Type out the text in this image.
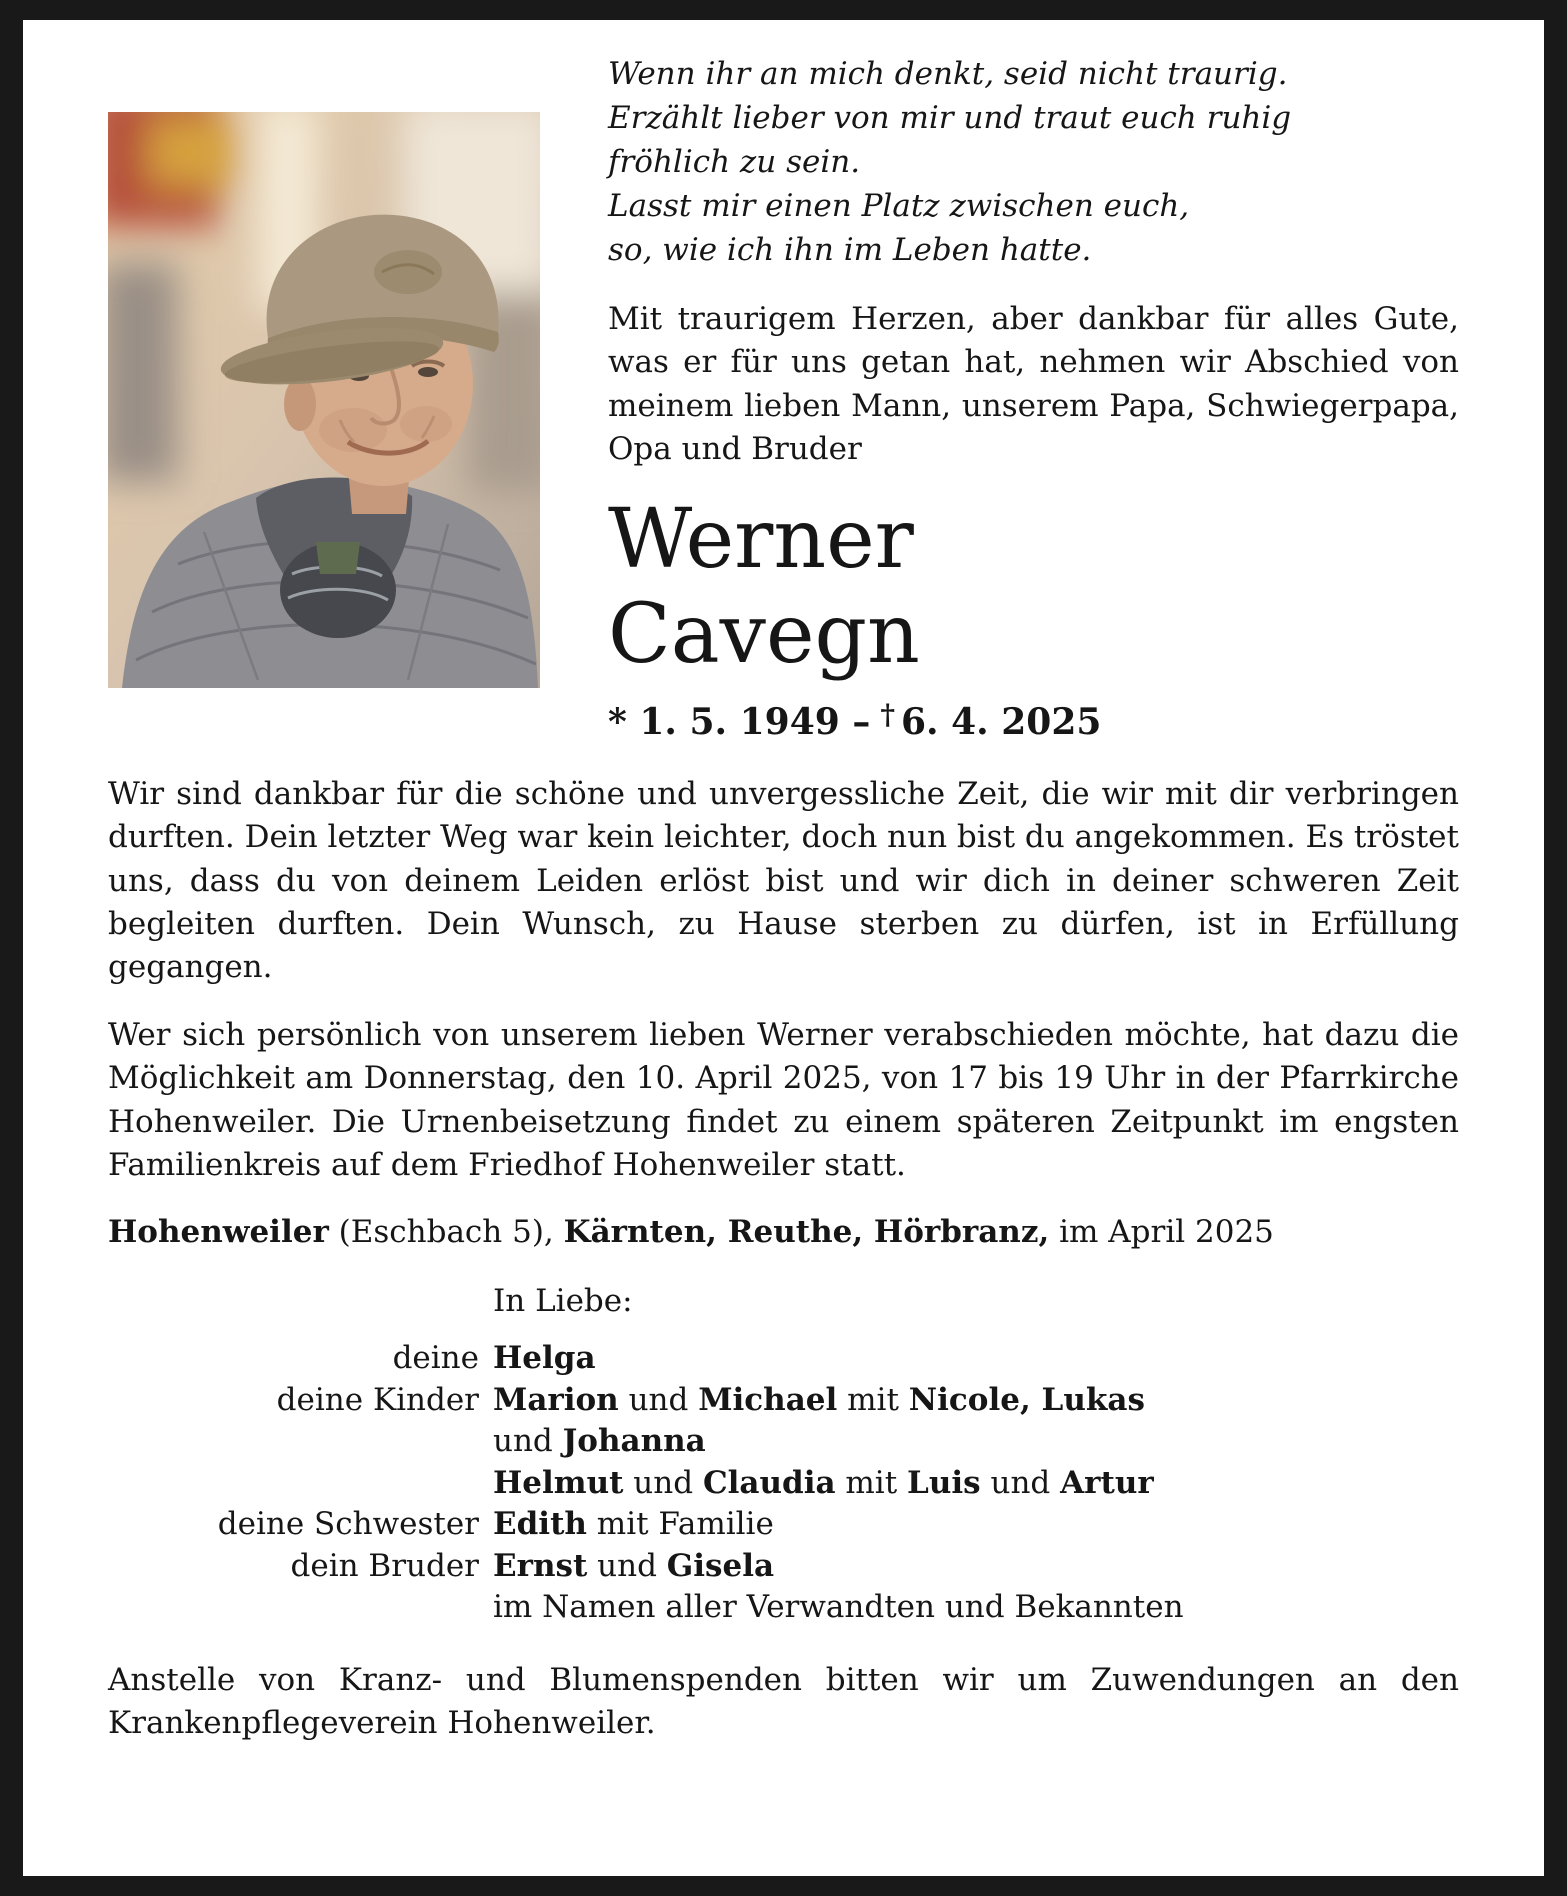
Wenn ihr an mich denkt, seid nicht traurig.
Erzählt lieber von mir und traut euch ruhig
fröhlich zu sein.
Lasst mir einen Platz zwischen euch,
so, wie ich ihn im Leben hatte.

Mit traurigem Herzen, aber dankbar für alles Gute, was er für uns getan hat, nehmen wir Abschied von meinem lieben Mann, unserem Papa, Schwiegerpapa, Opa und Bruder

Werner
Cavegn
* 1. 5. 1949 – † 6. 4. 2025

Wir sind dankbar für die schöne und unvergessliche Zeit, die wir mit dir verbringen durften. Dein letzter Weg war kein leichter, doch nun bist du angekommen. Es tröstet uns, dass du von deinem Leiden erlöst bist und wir dich in deiner schweren Zeit begleiten durften. Dein Wunsch, zu Hause sterben zu dürfen, ist in Erfüllung gegangen.

Wer sich persönlich von unserem lieben Werner verabschieden möchte, hat dazu die Möglichkeit am Donnerstag, den 10. April 2025, von 17 bis 19 Uhr in der Pfarrkirche Hohenweiler. Die Urnenbeisetzung findet zu einem späteren Zeitpunkt im engsten Familienkreis auf dem Friedhof Hohenweiler statt.

Hohenweiler (Eschbach 5), Kärnten, Reuthe, Hörbranz, im April 2025

In Liebe:
deine Helga
deine Kinder Marion und Michael mit Nicole, Lukas
und Johanna
Helmut und Claudia mit Luis und Artur
deine Schwester Edith mit Familie
dein Bruder Ernst und Gisela
im Namen aller Verwandten und Bekannten

Anstelle von Kranz- und Blumenspenden bitten wir um Zuwendungen an den Krankenpflegeverein Hohenweiler.
